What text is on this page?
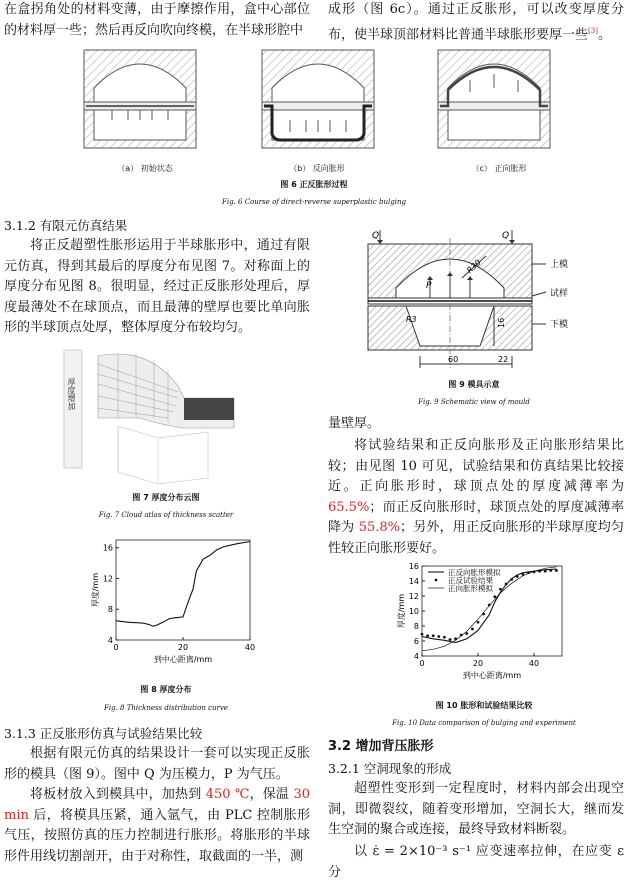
在盒拐角处的材料变薄，由于摩擦作用，盒中心部位的材料厚一些；然后再反向吹向终模，在半球形腔中
（a） 初始状态	（b） 反向胀形	（c） 正向胀形
图 6 正反胀形过程
Fig. 6 Course of direct-reverse superplastic bulging
3.1.2 有限元仿真结果
将正反超塑性胀形运用于半球胀形中，通过有限元仿真，得到其最后的厚度分布见图 7。对称面上的厚度分布见图 8。很明显，经过正反胀形处理后，厚度最薄处不在球顶点，而且最薄的壁厚也要比单向胀形的半球顶点处厚，整体厚度分布较均匀。
厚度增加
图 7 厚度分布云图
Fig. 7 Cloud atlas of thickness scatter
0	20	40
4
8
12
16
到中心距离/mm
厚度/mm
图 8 厚度分布
Fig. 8 Thickness distribution curve
3.1.3 正反胀形仿真与试验结果比较
根据有限元仿真的结果设计一套可以实现正反胀形的模具（图 9）。图中 Q 为压模力，P 为气压。
将板材放入到模具中，加热到 450 ℃，保温 30 min 后，将模具压紧，通入氩气，由 PLC 控制胀形气压，按照仿真的压力控制进行胀形。将胀形的半球形件用线切割剖开，由于对称性，取截面的一半，测
成形（图 6c）。通过正反胀形，可以改变厚度分布，使半球顶部材料比普通半球胀形要厚一些[3]。
Q	Q
P
R30
R3	16
60	22
上模
试样
下模
图 9 模具示意
Fig. 9 Schematic view of mould
量壁厚。
将试验结果和正反向胀形及正向胀形结果比较；由见图 10 可见，试验结果和仿真结果比较接近。正向胀形时，球顶点处的厚度减薄率为 65.5%；而正反向胀形时，球顶点处的厚度减薄率降为 55.8%；另外，用正反向胀形的半球厚度均匀性较正向胀形要好。
0	20	40
4
6
8
10
12
14
16
到中心距离/mm
厚度/mm
正反向胀形模拟
正反试验结果
正向胀形模拟
图 10 胀形和试验结果比较
Fig. 10 Data comparison of bulging and experiment
3.2 增加背压胀形
3.2.1 空洞现象的形成
超塑性变形到一定程度时，材料内部会出现空洞，即微裂纹，随着变形增加，空洞长大，继而发生空洞的聚合或连接，最终导致材料断裂。
以 ε̇ = 2×10⁻³ s⁻¹ 应变速率拉伸，在应变 ε 分
